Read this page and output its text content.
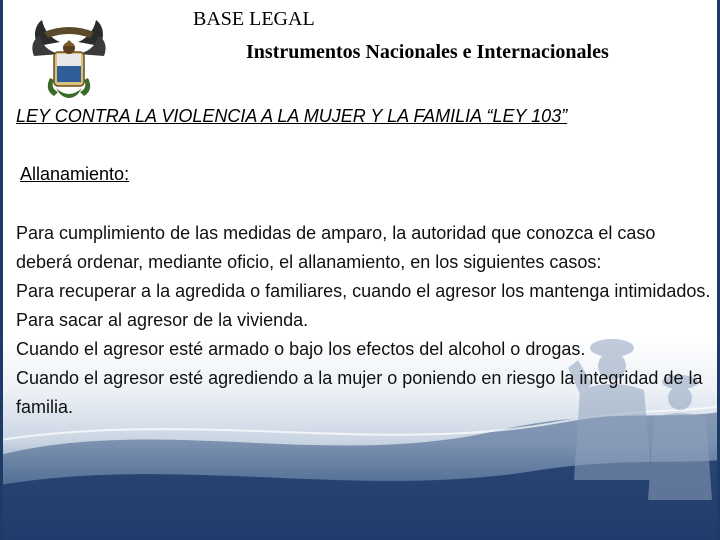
BASE LEGAL
Instrumentos Nacionales e Internacionales
LEY CONTRA LA VIOLENCIA A LA MUJER Y LA FAMILIA “LEY 103”
Allanamiento:

Para cumplimiento de las medidas de amparo, la autoridad que conozca el caso deberá ordenar, mediante oficio, el allanamiento, en los siguientes casos:

Para recuperar a la agredida o familiares, cuando el agresor los mantenga intimidados.

Para sacar al agresor de la vivienda.

Cuando el agresor esté armado o bajo los efectos del alcohol o drogas.

Cuando el agresor esté agrediendo a la mujer o poniendo en riesgo la integridad de la familia.
